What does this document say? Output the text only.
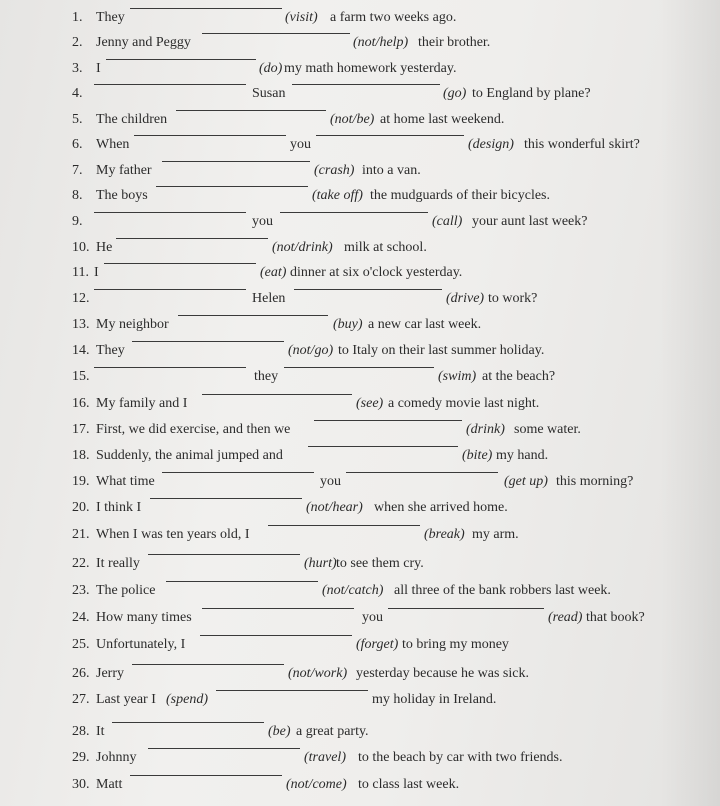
1. They	(visit) a farm two weeks ago.
2. Jenny and Peggy	(not/help) their brother.
3. I	(do) my math homework yesterday.
4.	Susan	(go) to England by plane?
5. The children	(not/be) at home last weekend.
6. When	you	(design) this wonderful skirt?
7. My father	(crash) into a van.
8. The boys	(take off) the mudguards of their bicycles.
9.	you	(call) your aunt last week?
10. He	(not/drink) milk at school.
11. I	(eat) dinner at six o'clock yesterday.
12.	Helen	(drive) to work?
13. My neighbor	(buy) a new car last week.
14. They	(not/go) to Italy on their last summer holiday.
15.	they	(swim) at the beach?
16. My family and I	(see) a comedy movie last night.
17. First, we did exercise, and then we	(drink) some water.
18. Suddenly, the animal jumped and	(bite) my hand.
19. What time	you	(get up) this morning?
20. I think I	(not/hear) when she arrived home.
21. When I was ten years old, I	(break) my arm.
22. It really	(hurt) to see them cry.
23. The police	(not/catch) all three of the bank robbers last week.
24. How many times	you	(read) that book?
25. Unfortunately, I	(forget) to bring my money
26. Jerry	(not/work) yesterday because he was sick.
27. Last year I (spend)	my holiday in Ireland.
28. It	(be) a great party.
29. Johnny	(travel) to the beach by car with two friends.
30. Matt	(not/come) to class last week.
